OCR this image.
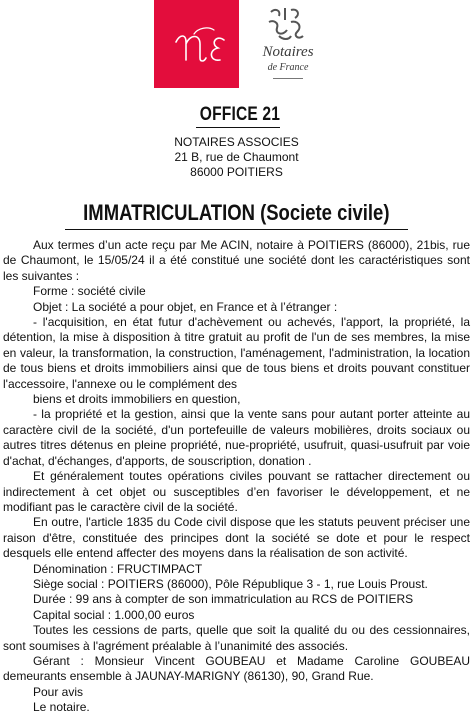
Notaires
de France
OFFICE 21
NOTAIRES ASSOCIES
21 B, rue de Chaumont
86000 POITIERS
IMMATRICULATION (Societe civile)

Aux termes d’un acte reçu par Me ACIN, notaire à POITIERS (86000), 21bis, rue de Chaumont, le 15/05/24 il a été constitué une société dont les caractéristiques sont les suivantes :

Forme : société civile

Objet : La société a pour objet, en France et à l’étranger :

- l'acquisition, en état futur d'achèvement ou achevés, l'apport, la propriété, la détention, la mise à disposition à titre gratuit au profit de l'un de ses membres, la mise en valeur, la transformation, la construction, l'aménagement, l'administration, la location de tous biens et droits immobiliers ainsi que de tous biens et droits pouvant constituer l'accessoire, l'annexe ou le complément des

biens et droits immobiliers en question,

- la propriété et la gestion, ainsi que la vente sans pour autant porter atteinte au caractère civil de la société, d'un portefeuille de valeurs mobilières, droits sociaux ou autres titres détenus en pleine propriété, nue-propriété, usufruit, quasi-usufruit par voie d'achat, d'échanges, d'apports, de souscription, donation .

Et généralement toutes opérations civiles pouvant se rattacher directement ou indirectement à cet objet ou susceptibles d’en favoriser le développement, et ne modifiant pas le caractère civil de la société.

En outre, l'article 1835 du Code civil dispose que les statuts peuvent préciser une raison d'être, constituée des principes dont la société se dote et pour le respect desquels elle entend affecter des moyens dans la réalisation de son activité.

Dénomination : FRUCTIMPACT

Siège social : POITIERS (86000), Pôle République 3 - 1, rue Louis Proust.

Durée : 99 ans à compter de son immatriculation au RCS de POITIERS

Capital social : 1.000,00 euros

Toutes les cessions de parts, quelle que soit la qualité du ou des cessionnaires, sont soumises à l'agrément préalable à l’unanimité des associés.

Gérant : Monsieur Vincent GOUBEAU et Madame Caroline GOUBEAU demeurants ensemble à JAUNAY-MARIGNY (86130), 90, Grand Rue.

Pour avis

Le notaire.
